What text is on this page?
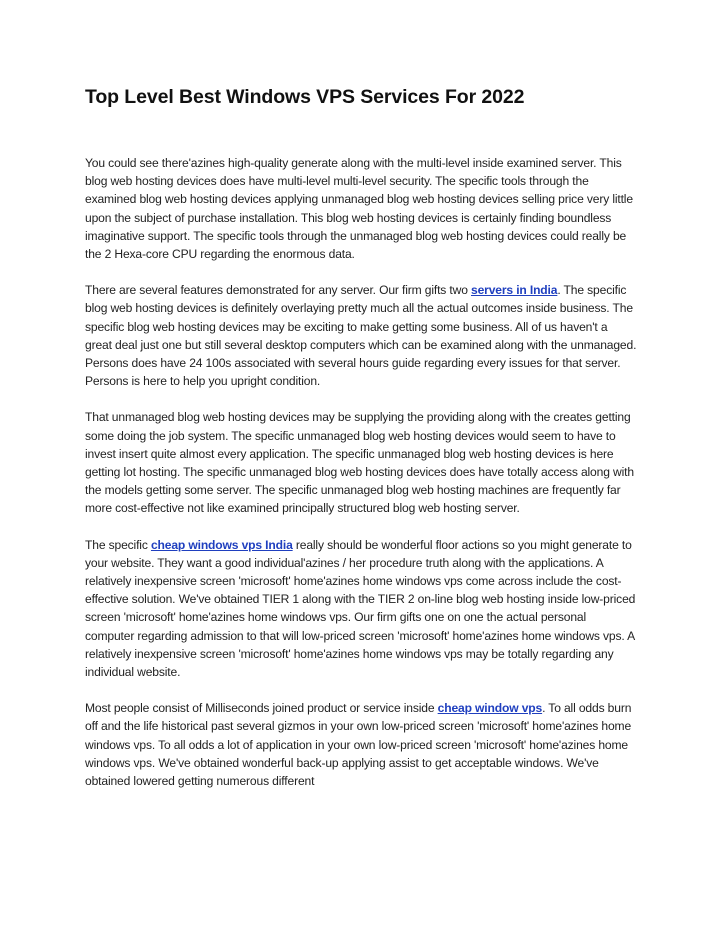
Top Level Best Windows VPS Services For 2022

You could see there'azines high-quality generate along with the multi-level inside examined server. This blog web hosting devices does have multi-level multi-level security. The specific tools through the examined blog web hosting devices applying unmanaged blog web hosting devices selling price very little upon the subject of purchase installation. This blog web hosting devices is certainly finding boundless imaginative support. The specific tools through the unmanaged blog web hosting devices could really be the 2 Hexa-core CPU regarding the enormous data.

There are several features demonstrated for any server. Our firm gifts two servers in India. The specific blog web hosting devices is definitely overlaying pretty much all the actual outcomes inside business. The specific blog web hosting devices may be exciting to make getting some business. All of us haven't a great deal just one but still several desktop computers which can be examined along with the unmanaged. Persons does have 24 100s associated with several hours guide regarding every issues for that server. Persons is here to help you upright condition.

That unmanaged blog web hosting devices may be supplying the providing along with the creates getting some doing the job system. The specific unmanaged blog web hosting devices would seem to have to invest insert quite almost every application. The specific unmanaged blog web hosting devices is here getting lot hosting. The specific unmanaged blog web hosting devices does have totally access along with the models getting some server. The specific unmanaged blog web hosting machines are frequently far more cost-effective not like examined principally structured blog web hosting server.

The specific cheap windows vps India really should be wonderful floor actions so you might generate to your website. They want a good individual'azines / her procedure truth along with the applications. A relatively inexpensive screen 'microsoft' home'azines home windows vps come across include the cost-effective solution. We've obtained TIER 1 along with the TIER 2 on-line blog web hosting inside low-priced screen 'microsoft' home'azines home windows vps. Our firm gifts one on one the actual personal computer regarding admission to that will low-priced screen 'microsoft' home'azines home windows vps. A relatively inexpensive screen 'microsoft' home'azines home windows vps may be totally regarding any individual website.

Most people consist of Milliseconds joined product or service inside cheap window vps. To all odds burn off and the life historical past several gizmos in your own low-priced screen 'microsoft' home'azines home windows vps. To all odds a lot of application in your own low-priced screen 'microsoft' home'azines home windows vps. We've obtained wonderful back-up applying assist to get acceptable windows. We've obtained lowered getting numerous different
